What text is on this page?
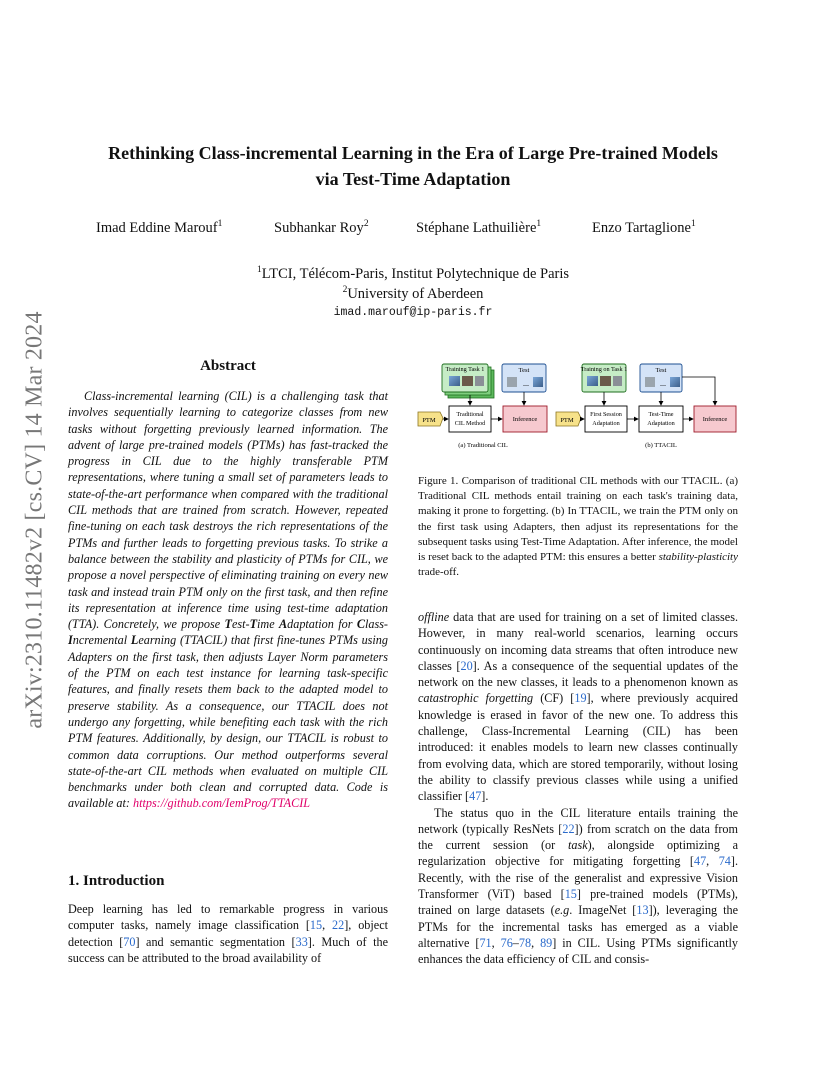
arXiv:2310.11482v2 [cs.CV] 14 Mar 2024
Rethinking Class-incremental Learning in the Era of Large Pre-trained Models
via Test-Time Adaptation
Imad Eddine Marouf$^1$	Subhankar Roy$^2$	Stéphane Lathuilière$^1$	Enzo Tartaglione$^1$
$^1$LTCI, Télécom-Paris, Institut Polytechnique de Paris
$^2$University of Aberdeen
imad.marouf@ip-paris.fr
Abstract

Class-incremental learning (CIL) is a challenging task that involves sequentially learning to categorize classes from new tasks without forgetting previously learned information. The advent of large pre-trained models (PTMs) has fast-tracked the progress in CIL due to the highly transferable PTM representations, where tuning a small set of parameters leads to state-of-the-art performance when compared with the traditional CIL methods that are trained from scratch. However, repeated fine-tuning on each task destroys the rich representations of the PTMs and further leads to forgetting previous tasks. To strike a balance between the stability and plasticity of PTMs for CIL, we propose a novel perspective of eliminating training on every new task and instead train PTM only on the first task, and then refine its representation at inference time using test-time adaptation (TTA). Concretely, we propose Test-Time Adaptation for Class-Incremental Learning (TTACIL) that first fine-tunes PTMs using Adapters on the first task, then adjusts Layer Norm parameters of the PTM on each test instance for learning task-specific features, and finally resets them back to the adapted model to preserve stability. As a consequence, our TTACIL does not undergo any forgetting, while benefiting each task with the rich PTM features. Additionally, by design, our TTACIL is robust to common data corruptions. Our method outperforms several state-of-the-art CIL methods when evaluated on multiple CIL benchmarks under both clean and corrupted data. Code is available at: https://github.com/IemProg/TTACIL

1. Introduction

Deep learning has led to remarkable progress in various computer tasks, namely image classification [15, 22], object detection [70] and semantic segmentation [33]. Much of the success can be attributed to the broad availability of

Training Task 1	Test
...
PTM
Traditional
CIL Method
Inference
(a) Traditional CIL
Training on Task 1	Test
...
PTM
First Session
Adaptation
Test-Time
Adaptation
Inference
(b) TTACIL

Figure 1. Comparison of traditional CIL methods with our TTACIL. (a) Traditional CIL methods entail training on each task's training data, making it prone to forgetting. (b) In TTACIL, we train the PTM only on the first task using Adapters, then adjust its representations for the subsequent tasks using Test-Time Adaptation. After inference, the model is reset back to the adapted PTM: this ensures a better stability-plasticity trade-off.

offline data that are used for training on a set of limited classes. However, in many real-world scenarios, learning occurs continuously on incoming data streams that often introduce new classes [20]. As a consequence of the sequential updates of the network on the new classes, it leads to a phenomenon known as catastrophic forgetting (CF) [19], where previously acquired knowledge is erased in favor of the new one. To address this challenge, Class-Incremental Learning (CIL) has been introduced: it enables models to learn new classes continually from evolving data, which are stored temporarily, without losing the ability to classify previous classes while using a unified classifier [47].

The status quo in the CIL literature entails training the network (typically ResNets [22]) from scratch on the data from the current session (or task), alongside optimizing a regularization objective for mitigating forgetting [47, 74]. Recently, with the rise of the generalist and expressive Vision Transformer (ViT) based [15] pre-trained models (PTMs), trained on large datasets (e.g. ImageNet [13]), leveraging the PTMs for the incremental tasks has emerged as a viable alternative [71, 76–78, 89] in CIL. Using PTMs significantly enhances the data efficiency of CIL and consis-
